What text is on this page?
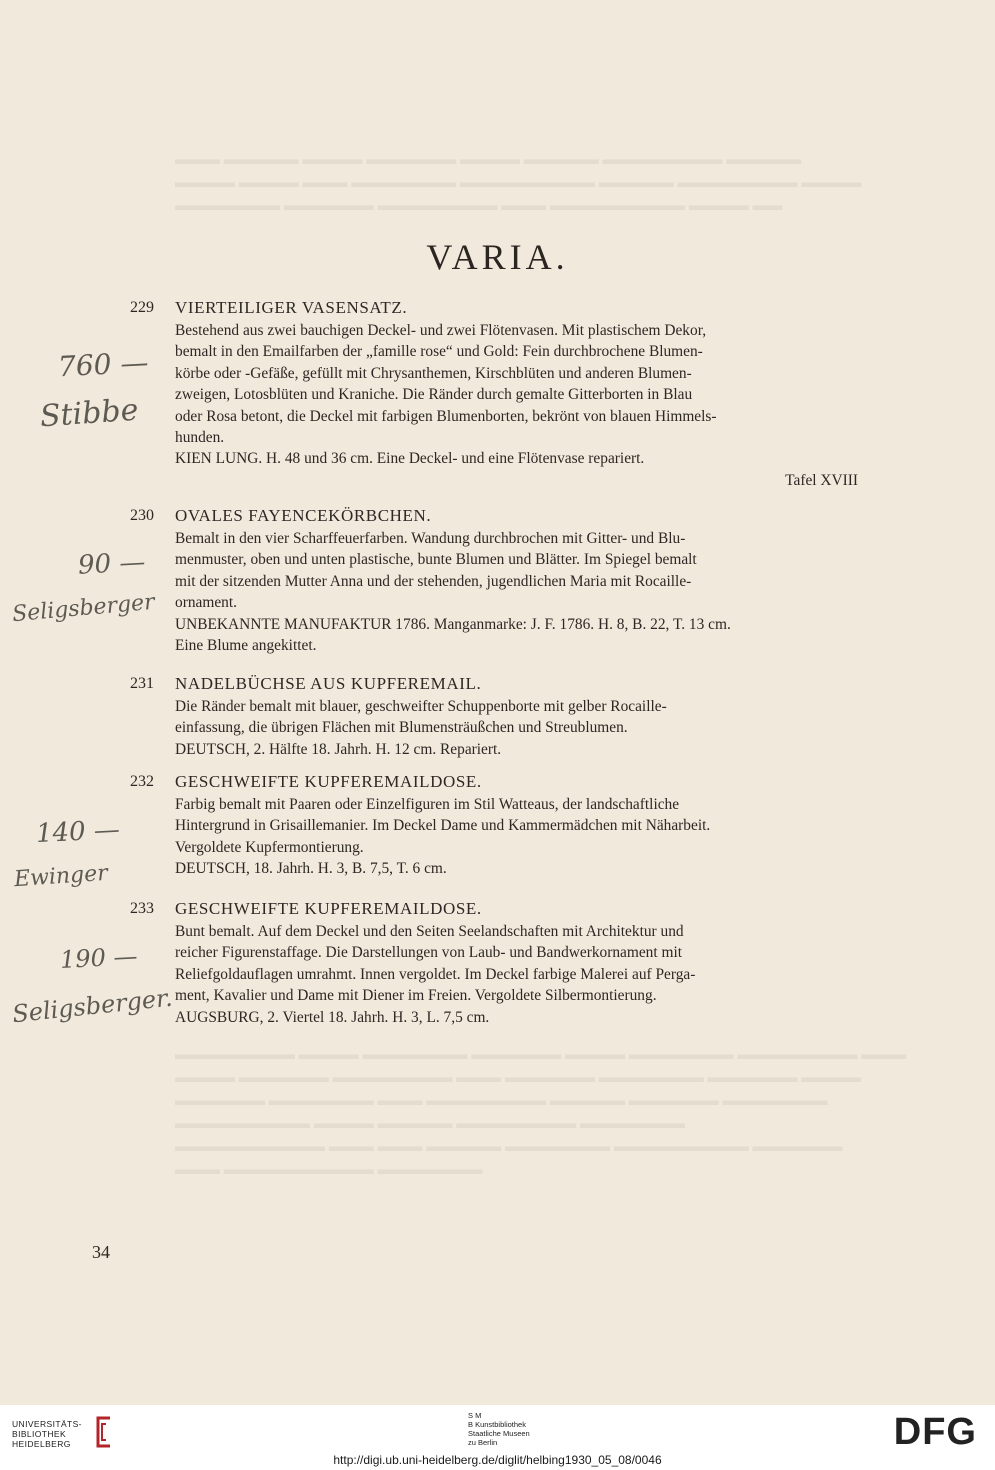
▬▬▬ ▬▬▬▬▬ ▬▬▬▬ ▬▬▬▬▬▬ ▬▬▬▬ ▬▬▬▬▬ ▬▬▬▬▬▬▬▬ ▬▬▬▬▬
▬▬▬▬ ▬▬▬▬ ▬▬▬ ▬▬▬▬▬▬▬ ▬▬▬▬▬▬▬▬▬ ▬▬▬▬▬ ▬▬▬▬▬▬▬▬ ▬▬▬▬
▬▬▬▬▬▬▬ ▬▬▬▬▬▬ ▬▬▬▬▬▬▬▬ ▬▬▬ ▬▬▬▬▬▬▬▬▬ ▬▬▬▬ ▬▬
▬▬▬▬▬▬▬▬ ▬▬▬▬ ▬▬▬▬▬▬▬ ▬▬▬▬▬▬ ▬▬▬▬ ▬▬▬▬▬▬▬ ▬▬▬▬▬▬▬▬ ▬▬▬
▬▬▬▬ ▬▬▬▬▬▬ ▬▬▬▬▬▬▬▬ ▬▬▬ ▬▬▬▬▬▬ ▬▬▬▬▬▬▬ ▬▬▬▬▬▬ ▬▬▬▬
▬▬▬▬▬▬ ▬▬▬▬▬▬▬ ▬▬▬ ▬▬▬▬▬▬▬▬ ▬▬▬▬▬ ▬▬▬▬▬▬ ▬▬▬▬▬▬▬
▬▬▬▬▬▬▬▬▬ ▬▬▬▬ ▬▬▬▬▬ ▬▬▬▬▬▬▬▬ ▬▬▬▬▬▬▬
▬▬▬▬▬▬▬▬▬▬ ▬▬▬ ▬▬▬ ▬▬▬▬▬ ▬▬▬▬▬▬▬ ▬▬▬▬▬▬▬▬▬ ▬▬▬▬▬▬
▬▬▬ ▬▬▬▬▬▬▬▬▬▬ ▬▬▬▬▬▬▬
VARIA.
229	VIERTEILIGER VASENSATZ.

Bestehend aus zwei bauchigen Deckel- und zwei Flötenvasen. Mit plastischem Dekor,

bemalt in den Emailfarben der „famille rose“ und Gold: Fein durchbrochene Blumen-

körbe oder -Gefäße, gefüllt mit Chrysanthemen, Kirschblüten und anderen Blumen-

zweigen, Lotosblüten und Kraniche. Die Ränder durch gemalte Gitterborten in Blau

oder Rosa betont, die Deckel mit farbigen Blumenborten, bekrönt von blauen Himmels-

hunden.

KIEN LUNG. H. 48 und 36 cm. Eine Deckel- und eine Flötenvase repariert.

Tafel XVIII

230	OVALES FAYENCEKÖRBCHEN.

Bemalt in den vier Scharffeuerfarben. Wandung durchbrochen mit Gitter- und Blu-

menmuster, oben und unten plastische, bunte Blumen und Blätter. Im Spiegel bemalt

mit der sitzenden Mutter Anna und der stehenden, jugendlichen Maria mit Rocaille-

ornament.

UNBEKANNTE MANUFAKTUR 1786. Manganmarke: J. F. 1786. H. 8, B. 22, T. 13 cm.

Eine Blume angekittet.

231	NADELBÜCHSE AUS KUPFEREMAIL.

Die Ränder bemalt mit blauer, geschweifter Schuppenborte mit gelber Rocaille-

einfassung, die übrigen Flächen mit Blumensträußchen und Streublumen.

DEUTSCH, 2. Hälfte 18. Jahrh. H. 12 cm. Repariert.

232	GESCHWEIFTE KUPFEREMAILDOSE.

Farbig bemalt mit Paaren oder Einzelfiguren im Stil Watteaus, der landschaftliche

Hintergrund in Grisaillemanier. Im Deckel Dame und Kammermädchen mit Näharbeit.

Vergoldete Kupfermontierung.

DEUTSCH, 18. Jahrh. H. 3, B. 7,5, T. 6 cm.

233	GESCHWEIFTE KUPFEREMAILDOSE.

Bunt bemalt. Auf dem Deckel und den Seiten Seelandschaften mit Architektur und

reicher Figurenstaffage. Die Darstellungen von Laub- und Bandwerkornament mit

Reliefgoldauflagen umrahmt. Innen vergoldet. Im Deckel farbige Malerei auf Perga-

ment, Kavalier und Dame mit Diener im Freien. Vergoldete Silbermontierung.

AUGSBURG, 2. Viertel 18. Jahrh. H. 3, L. 7,5 cm.

760 —
Stibbe
90 —
Seligsberger
140 —
Ewinger
190 —
Seligsberger.
34
UNIVERSITÄTS-
BIBLIOTHEK
HEIDELBERG
S M
B Kunstbibliothek
Staatliche Museen
zu Berlin	DFG
http://digi.ub.uni-heidelberg.de/diglit/helbing1930_05_08/0046
